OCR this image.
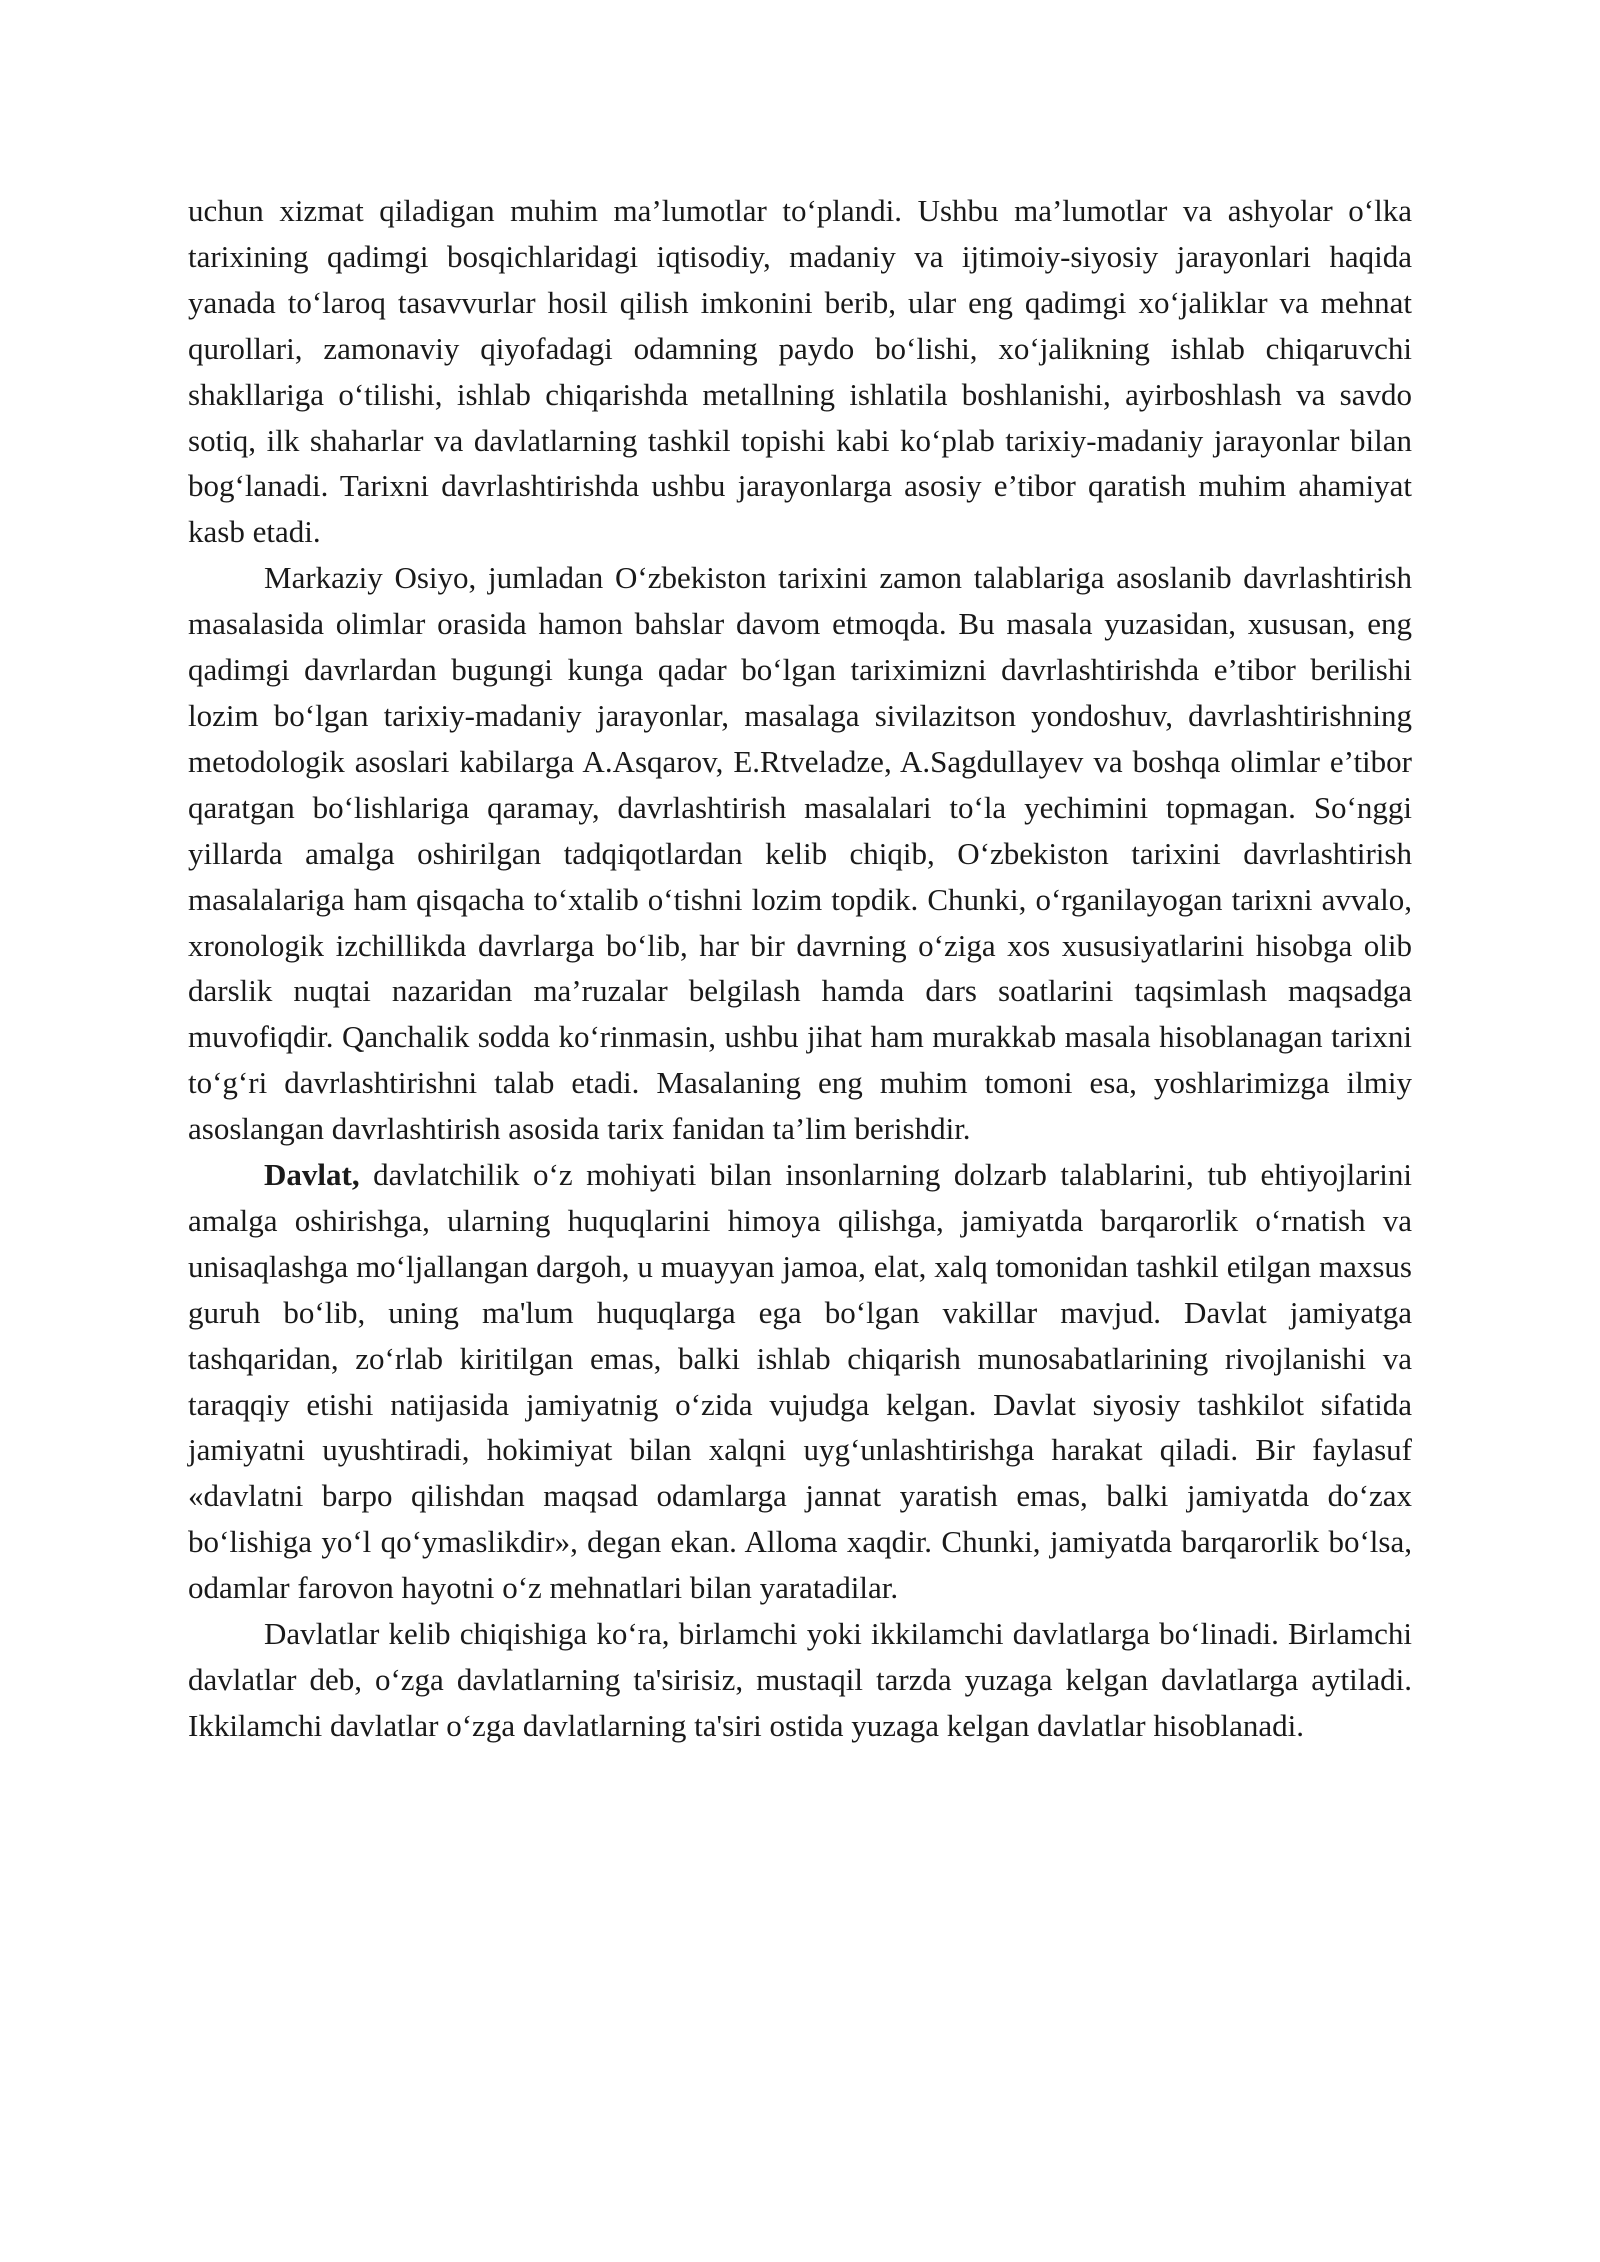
uchun xizmat qiladigan muhim ma’lumotlar to‘plandi. Ushbu ma’lumotlar va ashyolar o‘lka tarixining qadimgi bosqichlaridagi iqtisodiy, madaniy va ijtimoiy-siyosiy jarayonlari haqida yanada to‘laroq tasavvurlar hosil qilish imkonini berib, ular eng qadimgi xo‘jaliklar va mehnat qurollari, zamonaviy qiyofadagi odamning paydo bo‘lishi, xo‘jalikning ishlab chiqaruvchi shakllariga o‘tilishi, ishlab chiqarishda metallning ishlatila boshlanishi, ayirboshlash va savdo sotiq, ilk shaharlar va davlatlarning tashkil topishi kabi ko‘plab tarixiy-madaniy jarayonlar bilan bog‘lanadi. Tarixni davrlashtirishda ushbu jarayonlarga asosiy e’tibor qaratish muhim ahamiyat kasb etadi.

Markaziy Osiyo, jumladan O‘zbekiston tarixini zamon talablariga asoslanib davrlashtirish masalasida olimlar orasida hamon bahslar davom etmoqda. Bu masala yuzasidan, xususan, eng qadimgi davrlardan bugungi kunga qadar bo‘lgan tariximizni davrlashtirishda e’tibor berilishi lozim bo‘lgan tarixiy-madaniy jarayonlar, masalaga sivilazitson yondoshuv, davrlashtirishning metodologik asoslari kabilarga A.Asqarov, E.Rtveladze, A.Sagdullayev va boshqa olimlar e’tibor qaratgan bo‘lishlariga qaramay, davrlashtirish masalalari to‘la yechimini topmagan. So‘nggi yillarda amalga oshirilgan tadqiqotlardan kelib chiqib, O‘zbekiston tarixini davrlashtirish masalalariga ham qisqacha to‘xtalib o‘tishni lozim topdik. Chunki, o‘rganilayogan tarixni avvalo, xronologik izchillikda davrlarga bo‘lib, har bir davrning o‘ziga xos xususiyatlarini hisobga olib darslik nuqtai nazaridan ma’ruzalar belgilash hamda dars soatlarini taqsimlash maqsadga muvofiqdir. Qanchalik sodda ko‘rinmasin, ushbu jihat ham murakkab masala hisoblanagan tarixni to‘g‘ri davrlashtirishni talab etadi. Masalaning eng muhim tomoni esa, yoshlarimizga ilmiy asoslangan davrlashtirish asosida tarix fanidan ta’lim berishdir.

Davlat, davlatchilik o‘z mohiyati bilan insonlarning dolzarb talablarini, tub ehtiyojlarini amalga oshirishga, ularning huquqlarini himoya qilishga, jamiyatda barqarorlik o‘rnatish va unisaqlashga mo‘ljallangan dargoh, u muayyan jamoa, elat, xalq tomonidan tashkil etilgan maxsus guruh bo‘lib, uning ma'lum huquqlarga ega bo‘lgan vakillar mavjud. Davlat jamiyatga tashqaridan, zo‘rlab kiritilgan emas, balki ishlab chiqarish munosabatlarining rivojlanishi va taraqqiy etishi natijasida jamiyatnig o‘zida vujudga kelgan. Davlat siyosiy tashkilot sifatida jamiyatni uyushtiradi, hokimiyat bilan xalqni uyg‘unlashtirishga harakat qiladi. Bir faylasuf «davlatni barpo qilishdan maqsad odamlarga jannat yaratish emas, balki jamiyatda do‘zax bo‘lishiga yo‘l qo‘ymaslikdir», degan ekan. Alloma xaqdir. Chunki, jamiyatda barqarorlik bo‘lsa, odamlar farovon hayotni o‘z mehnatlari bilan yaratadilar.

Davlatlar kelib chiqishiga ko‘ra, birlamchi yoki ikkilamchi davlatlarga bo‘linadi. Birlamchi davlatlar deb, o‘zga davlatlarning ta'sirisiz, mustaqil tarzda yuzaga kelgan davlatlarga aytiladi. Ikkilamchi davlatlar o‘zga davlatlarning ta'siri ostida yuzaga kelgan davlatlar hisoblanadi.
